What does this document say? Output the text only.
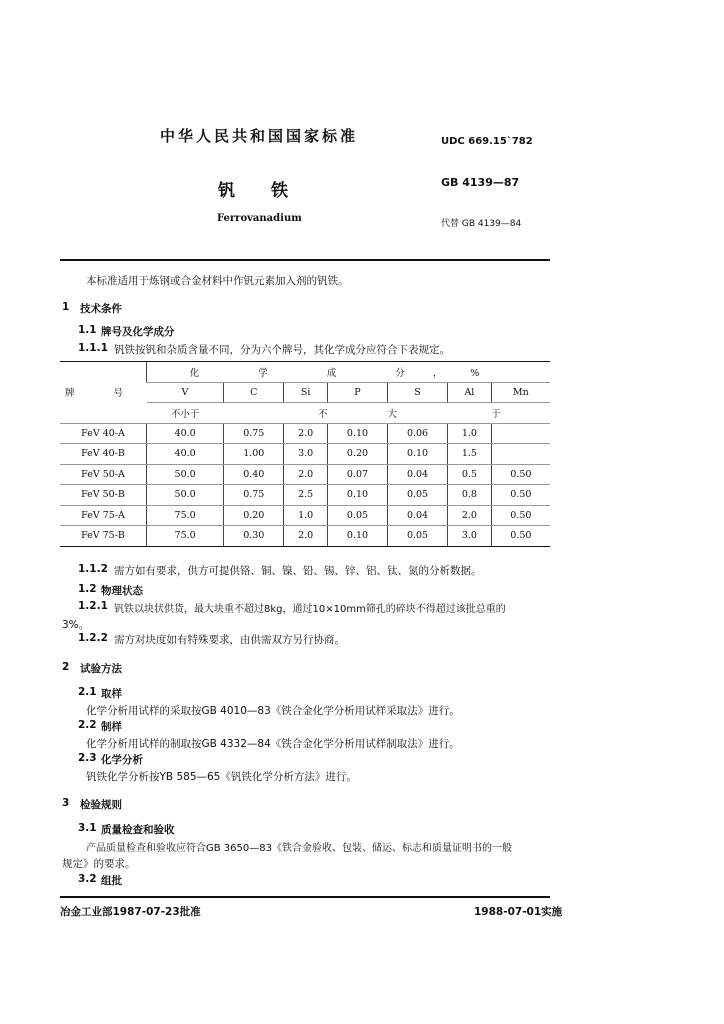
中华人民共和国国家标准	UDC 669.15`782
钒铁	GB 4139—87
Ferrovanadium	代替 GB 4139—84
本标准适用于炼钢或合金材料中作钒元素加入剂的钒铁。
1 技术条件
1.1 牌号及化学成分
1.1.1 钒铁按钒和杂质含量不同，分为六个牌号，其化学成分应符合下表规定。
牌 号	化 学 成 分，%						
	V	C	Si	P	S	Al	Mn
	不小于		不		大		于
FeV 40-A	40.0	0.75	2.0	0.10	0.06	1.0	
FeV 40-B	40.0	1.00	3.0	0.20	0.10	1.5	
FeV 50-A	50.0	0.40	2.0	0.07	0.04	0.5	0.50
FeV 50-B	50.0	0.75	2.5	0.10	0.05	0.8	0.50
FeV 75-A	75.0	0.20	1.0	0.05	0.04	2.0	0.50
FeV 75-B	75.0	0.30	2.0	0.10	0.05	3.0	0.50
1.1.2 需方如有要求，供方可提供铬、铜、镍、铅、锡、锌、铝、钛、氮的分析数据。
1.2 物理状态
1.2.1 钒铁以块状供货，最大块重不超过8kg，通过10×10mm筛孔的碎块不得超过该批总重的
3%。
1.2.2 需方对块度如有特殊要求，由供需双方另行协商。
2 试验方法
2.1 取样
化学分析用试样的采取按GB 4010—83《铁合金化学分析用试样采取法》进行。
2.2 制样
化学分析用试样的制取按GB 4332—84《铁合金化学分析用试样制取法》进行。
2.3 化学分析
钒铁化学分析按YB 585—65《钒铁化学分析方法》进行。
3 检验规则
3.1 质量检查和验收
产品质量检查和验收应符合GB 3650—83《铁合金验收、包装、储运、标志和质量证明书的一般
规定》的要求。
3.2 组批
冶金工业部1987-07-23批准	1988-07-01实施
